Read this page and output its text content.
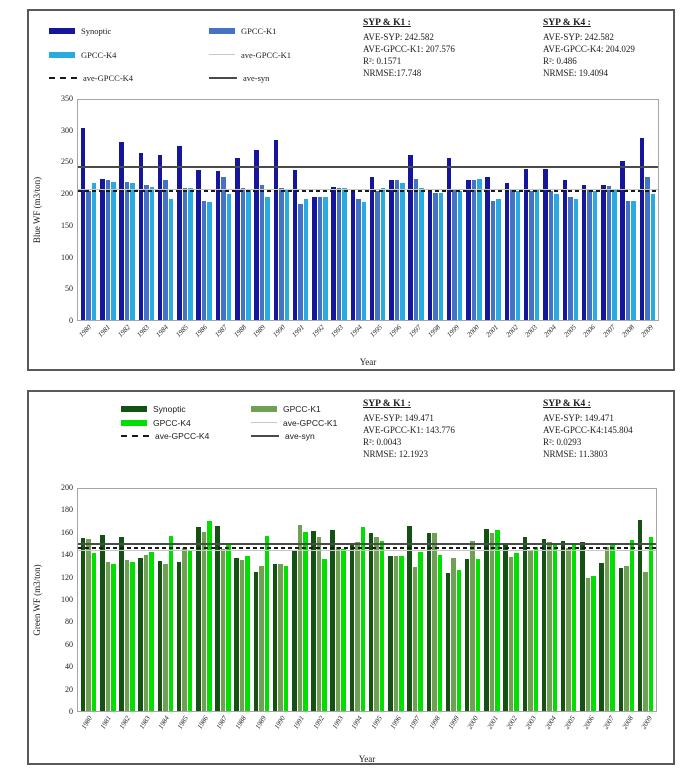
Synoptic	GPCC-K1
GPCC-K4	ave-GPCC-K1
ave-GPCC-K4	ave-syn
SYP & K1 :
AVE-SYP: 242.582
AVE-GPCC-K1: 207.576
R²: 0.1571
NRMSE:17.748
SYP & K4 :
AVE-SYP: 242.582
AVE-GPCC-K4: 204.029
R²: 0.486
NRMSE: 19.4094
Blue WF (m3/ton)
0
50
100
150
200
250
300
350
1980 1981 1982 1983 1984 1985 1986 1987 1988 1989 1990 1991 1992 1993 1994 1995 1996 1997 1998 1999 2000 2001 2002 2003 2004 2005 2006 2007 2008 2009
Year
Synoptic	GPCC-K1
GPCC-K4	ave-GPCC-K1
ave-GPCC-K4	ave-syn
SYP & K1 :
AVE-SYP: 149.471
AVE-GPCC-K1: 143.776
R²: 0.0043
NRMSE: 12.1923
SYP & K4 :
AVE-SYP: 149.471
AVE-GPCC-K4:145.804
R²: 0.0293
NRMSE: 11.3803
Green WF (m3/ton)
0
20
40
60
80
100
120
140
160
180
200
1980 1981 1982 1983 1984 1985 1986 1987 1988 1989 1990 1991 1992 1993 1994 1995 1996 1997 1998 1999 2000 2001 2002 2003 2004 2005 2006 2007 2008 2009
Year
